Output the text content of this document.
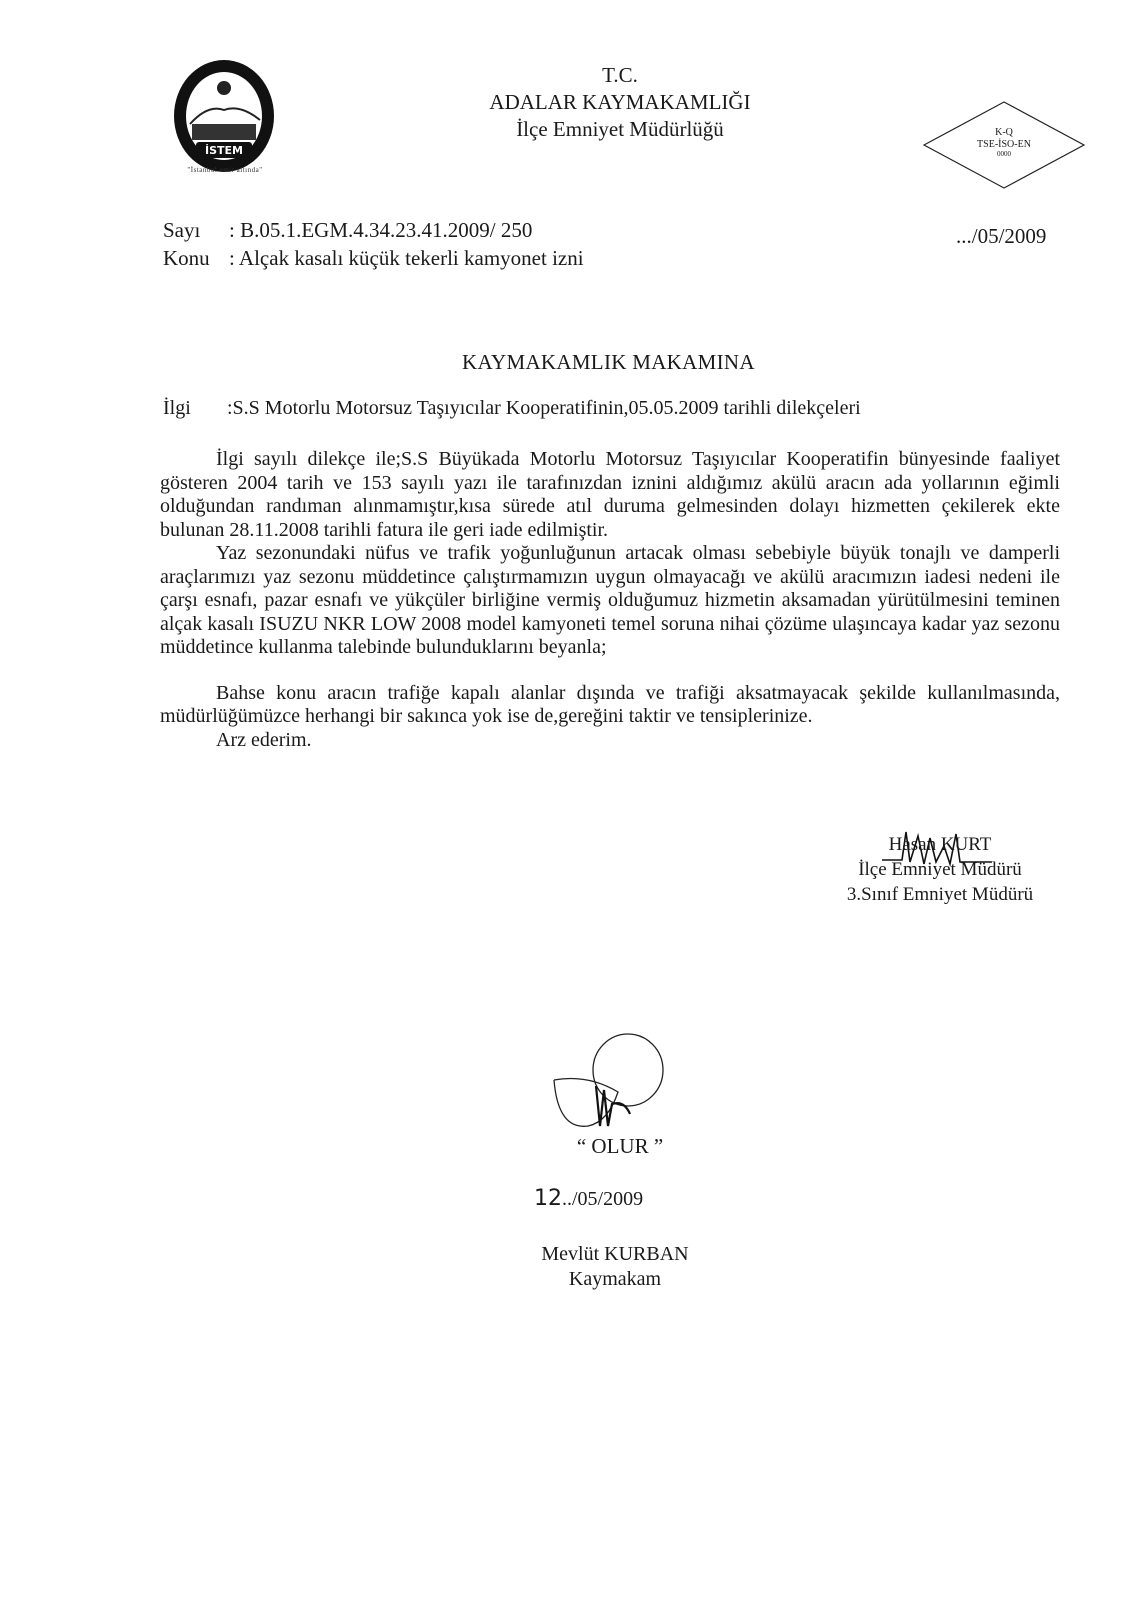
İSTEM
"İstanbul emir altında"
T.C.
ADALAR KAYMAKAMLIĞI
İlçe Emniyet Müdürlüğü	K-Q
TSE-İSO-EN
0000
Sayı	: B.05.1.EGM.4.34.23.41.2009/ 250
Konu : Alçak kasalı küçük tekerli kamyonet izni
.../05/2009
KAYMAKAMLIK MAKAMINA
İlgi	:S.S Motorlu Motorsuz Taşıyıcılar Kooperatifinin,05.05.2009 tarihli dilekçeleri

İlgi sayılı dilekçe ile;S.S Büyükada Motorlu Motorsuz Taşıyıcılar Kooperatifin bünyesinde faaliyet gösteren 2004 tarih ve 153 sayılı yazı ile tarafınızdan iznini aldığımız akülü aracın ada yollarının eğimli olduğundan randıman alınmamıştır,kısa sürede atıl duruma gelmesinden dolayı hizmetten çekilerek ekte bulunan 28.11.2008 tarihli fatura ile geri iade edilmiştir.

Yaz sezonundaki nüfus ve trafik yoğunluğunun artacak olması sebebiyle büyük tonajlı ve damperli araçlarımızı yaz sezonu müddetince çalıştırmamızın uygun olmayacağı ve akülü aracımızın iadesi nedeni ile çarşı esnafı, pazar esnafı ve yükçüler birliğine vermiş olduğumuz hizmetin aksamadan yürütülmesini teminen alçak kasalı ISUZU NKR LOW 2008 model kamyoneti temel soruna nihai çözüme ulaşıncaya kadar yaz sezonu müddetince kullanma talebinde bulunduklarını beyanla;

Bahse konu aracın trafiğe kapalı alanlar dışında ve trafiği aksatmayacak şekilde kullanılmasında, müdürlüğümüzce herhangi bir sakınca yok ise de,gereğini taktir ve tensiplerinize.

Arz ederim.

Hasan KURT
İlçe Emniyet Müdürü
3.Sınıf Emniyet Müdürü
“ OLUR ”
12../05/2009
Mevlüt KURBAN
Kaymakam
